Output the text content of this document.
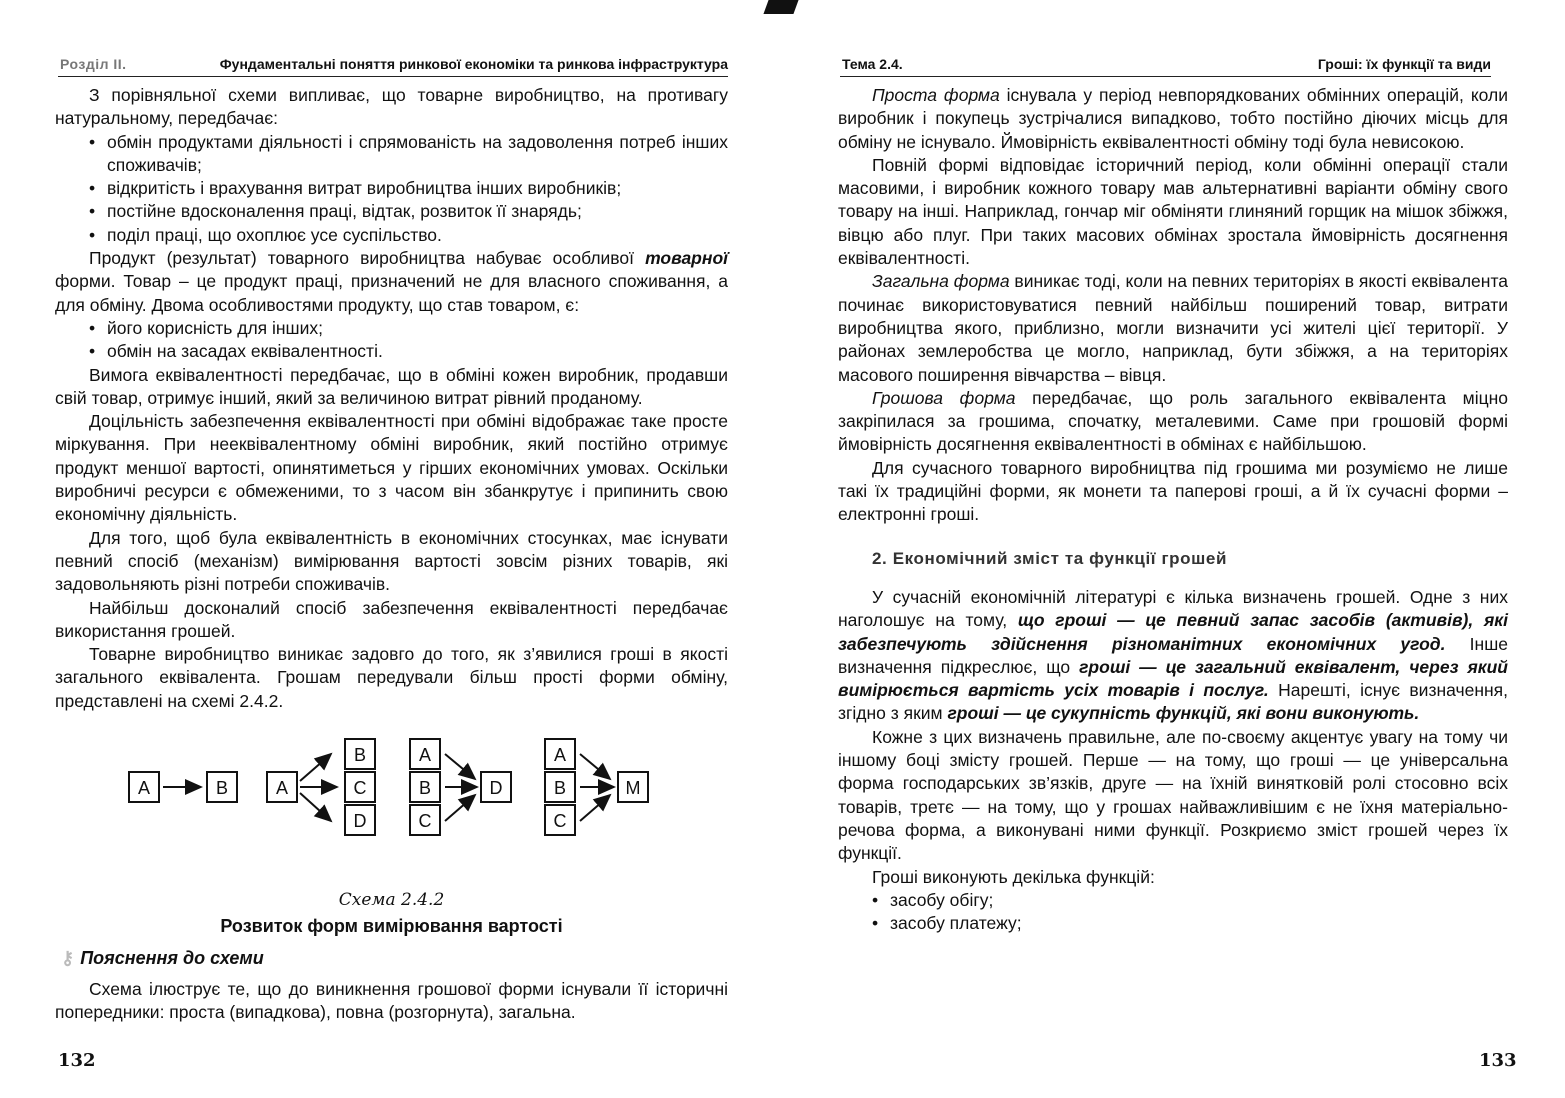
Розділ ІІ.	Фундаментальні поняття ринкової економіки та ринкова інфраструктура

З порівняльної схеми випливає, що товарне виробництво, на противагу натуральному, передбачає:

• обмін продуктами діяльності і спрямованість на задоволення потреб інших споживачів;
• відкритість і врахування витрат виробництва інших виробників;
• постійне вдосконалення праці, відтак, розвиток її знарядь;
• поділ праці, що охоплює усе суспільство.

Продукт (результат) товарного виробництва набуває особливої товарної форми. Товар – це продукт праці, призначений не для власного споживання, а для обміну. Двома особливостями продукту, що став товаром, є:

• його корисність для інших;
• обмін на засадах еквівалентності.

Вимога еквівалентності передбачає, що в обміні кожен виробник, продавши свій товар, отримує інший, який за величиною витрат рівний проданому.

Доцільність забезпечення еквівалентності при обміні відображає таке просте міркування. При нееквівалентному обміні виробник, який постійно отримує продукт меншої вартості, опинятиметься у гірших економічних умовах. Оскільки виробничі ресурси є обмеженими, то з часом він збанкрутує і припинить свою економічну діяльність.

Для того, щоб була еквівалентність в економічних стосунках, має існувати певний спосіб (механізм) вимірювання вартості зовсім різних товарів, які задовольняють різні потреби споживачів.

Найбільш досконалий спосіб забезпечення еквівалентності передбачає використання грошей.

Товарне виробництво виникає задовго до того, як з’явилися гроші в якості загального еквівалента. Грошам передували більш прості форми обміну, представлені на схемі 2.4.2.

A	B	A
B
C
D
A
B
C
D
A
B
C
M

Схема 2.4.2

Розвиток форм вимірювання вартості

⚷ Пояснення до схеми

Схема ілюструє те, що до виникнення грошової форми існували її історичні попередники: проста (випадкова), повна (розгорнута), загальна.

132
Тема 2.4.	Гроші: їх функції та види

Проста форма існувала у період невпорядкованих обмінних операцій, коли виробник і покупець зустрічалися випадково, тобто постійно діючих місць для обміну не існувало. Ймовірність еквівалентності обміну тоді була невисокою.

Повній формі відповідає історичний період, коли обмінні операції стали масовими, і виробник кожного товару мав альтернативні варіанти обміну свого товару на інші. Наприклад, гончар міг обміняти глиняний горщик на мішок збіжжя, вівцю або плуг. При таких масових обмінах зростала ймовірність досягнення еквівалентності.

Загальна форма виникає тоді, коли на певних територіях в якості еквівалента починає використовуватися певний найбільш поширений товар, витрати виробництва якого, приблизно, могли визначити усі жителі цієї території. У районах землеробства це могло, наприклад, бути збіжжя, а на територіях масового поширення вівчарства – вівця.

Грошова форма передбачає, що роль загального еквівалента міцно закріпилася за грошима, спочатку, металевими. Саме при грошовій формі ймовірність досягнення еквівалентності в обмінах є найбільшою.

Для сучасного товарного виробництва під грошима ми розуміємо не лише такі їх традиційні форми, як монети та паперові гроші, а й їх сучасні форми – електронні гроші.

2. Економічний зміст та функції грошей

У сучасній економічній літературі є кілька визначень грошей. Одне з них наголошує на тому, що гроші — це певний запас засобів (активів), які забезпечують здійснення різноманітних економічних угод. Інше визначення підкреслює, що гроші — це загальний еквівалент, через який вимірюється вартість усіх товарів і послуг. Нарешті, існує визначення, згідно з яким гроші — це сукупність функцій, які вони виконують.

Кожне з цих визначень правильне, але по-своєму акцентує увагу на тому чи іншому боці змісту грошей. Перше — на тому, що гроші — це універсальна форма господарських зв’язків, друге — на їхній винятковій ролі стосовно всіх товарів, третє — на тому, що у грошах найважливішим є не їхня матеріально-речова форма, а виконувані ними функції. Розкриємо зміст грошей через їх функції.

Гроші виконують декілька функцій:

• засобу обігу;
• засобу платежу;
133
